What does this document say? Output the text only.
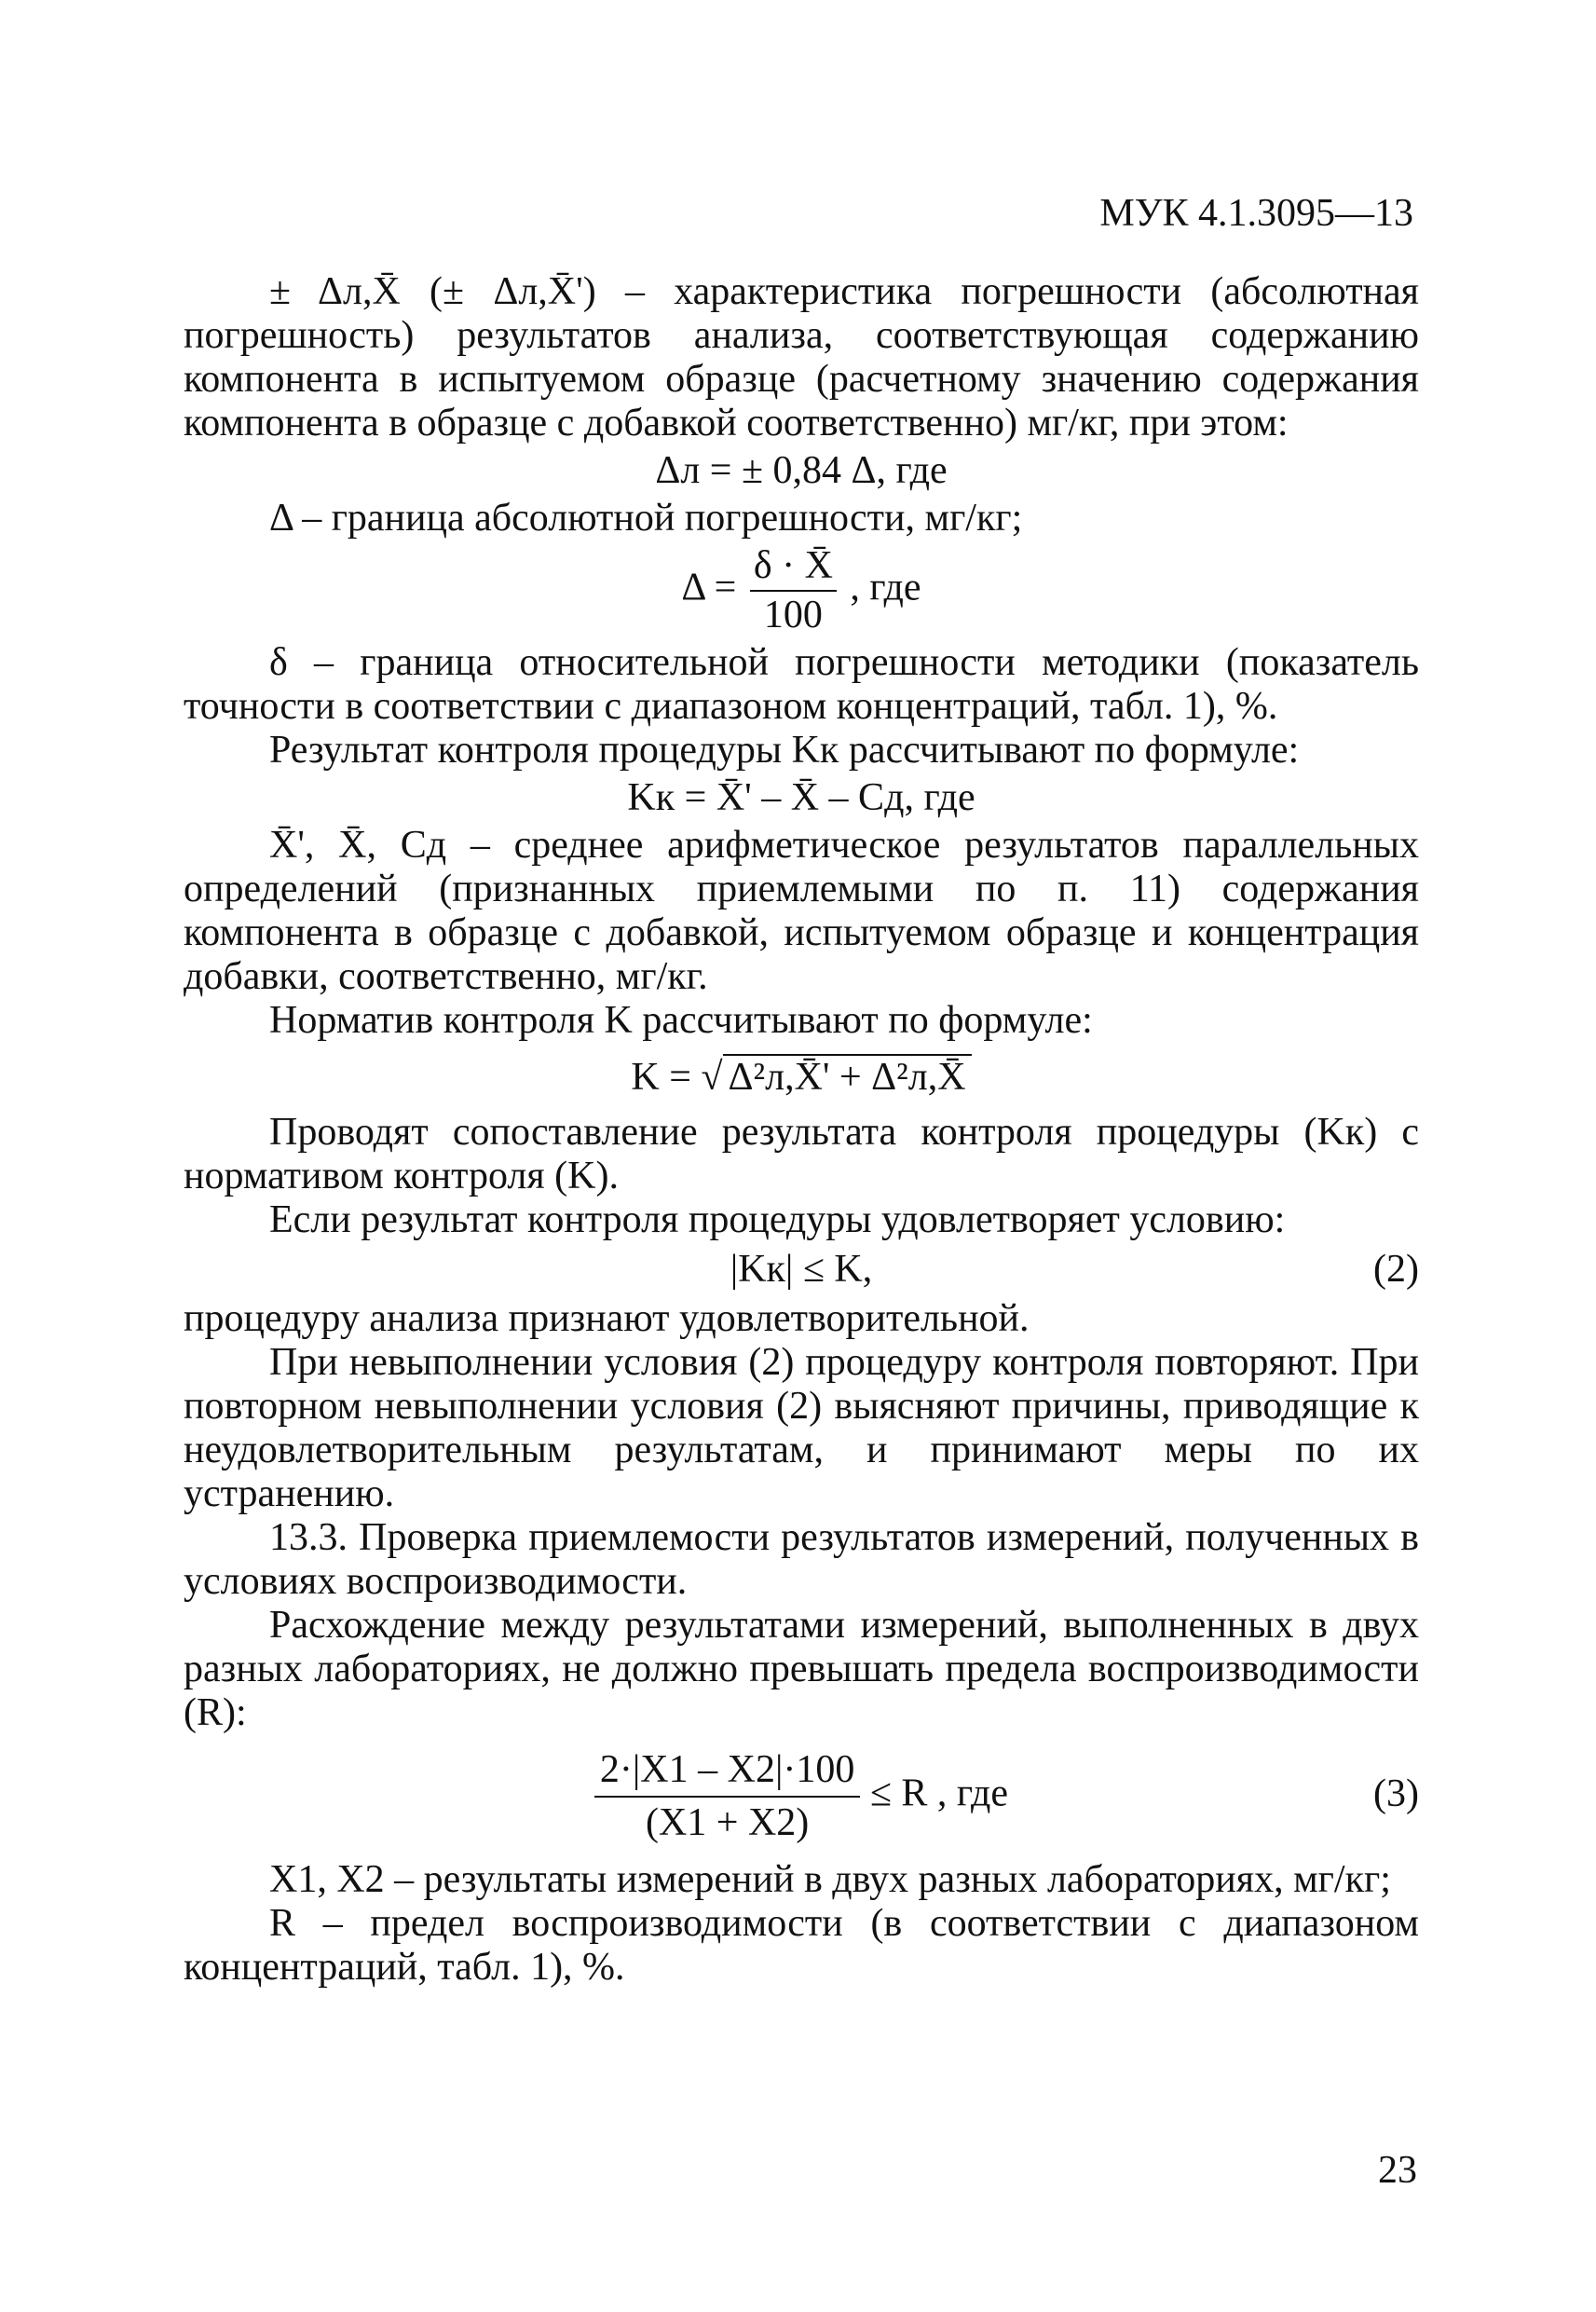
МУК 4.1.3095—13

± Δл,X̄ (± Δл,X̄') – характеристика погрешности (абсолютная погрешность) результатов анализа, соответствующая содержанию компонента в испытуемом образце (расчетному значению содержания компонента в образце с добавкой соответственно) мг/кг, при этом:

Δл = ± 0,84 Δ, где

Δ – граница абсолютной погрешности, мг/кг;

$\Delta = \frac{\delta \cdot X̄}{100}$ , где

δ – граница относительной погрешности методики (показатель точности в соответствии с диапазоном концентраций, табл. 1), %.

Результат контроля процедуры Kк рассчитывают по формуле:

Kк = X̄' – X̄ – Cд, где

X̄', X̄, Cд – среднее арифметическое результатов параллельных определений (признанных приемлемыми по п. 11) содержания компонента в образце с добавкой, испытуемом образце и концентрация добавки, соответственно, мг/кг.

Норматив контроля K рассчитывают по формуле:

K = √ Δ²л,X̄' + Δ²л,X̄

Проводят сопоставление результата контроля процедуры (Kк) с нормативом контроля (K).

Если результат контроля процедуры удовлетворяет условию:

|Kк| ≤ K,	(2)

процедуру анализа признают удовлетворительной.

При невыполнении условия (2) процедуру контроля повторяют. При повторном невыполнении условия (2) выясняют причины, приводящие к неудовлетворительным результатам, и принимают меры по их устранению.

13.3. Проверка приемлемости результатов измерений, полученных в условиях воспроизводимости.

Расхождение между результатами измерений, выполненных в двух разных лабораториях, не должно превышать предела воспроизводимости (R):

$\frac{2\cdot|X1 - X2|\cdot 100}{(X1 + X2)} \le R$ , где	(3)

X1, X2 – результаты измерений в двух разных лабораториях, мг/кг;

R – предел воспроизводимости (в соответствии с диапазоном концентраций, табл. 1), %.

23
